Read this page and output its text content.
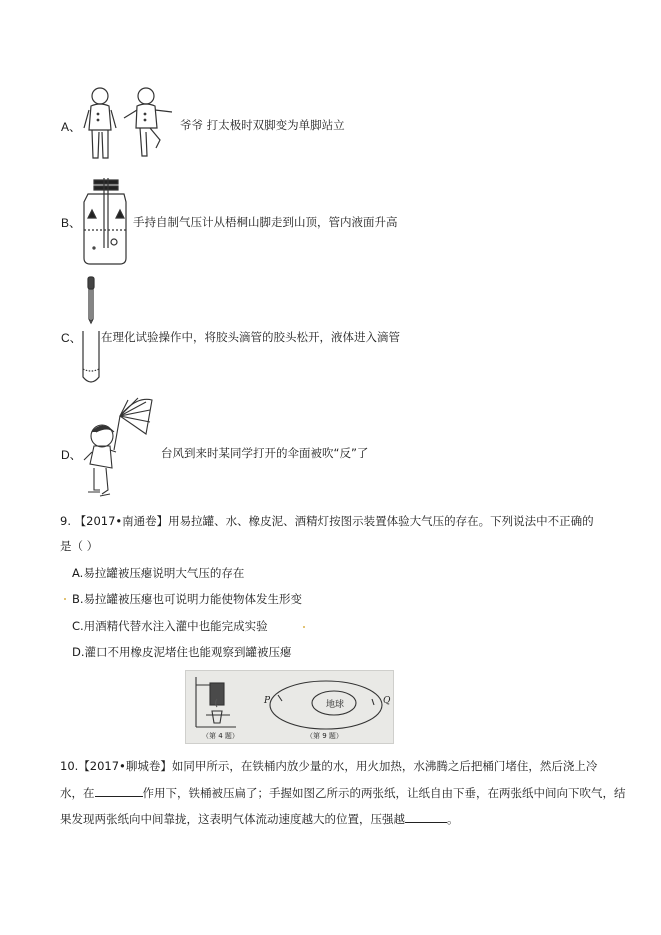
A、	爷爷 打太极时双脚变为单脚站立
B、	手持自制气压计从梧桐山脚走到山顶，管内液面升高
C、 在理化试验操作中，将胶头滴管的胶头松开，液体进入滴管
D、	台风到来时某同学打开的伞面被吹“反”了
9. 【2017•南通卷】用易拉罐、水、橡皮泥、酒精灯按图示装置体验大气压的存在。下列说法中不正确的
是（ ）
A.易拉罐被压瘪说明大气压的存在
B.易拉罐被压瘪也可说明力能使物体发生形变
C.用酒精代替水注入灌中也能完成实验
D.灌口不用橡皮泥堵住也能观察到罐被压瘪
地球
P	Q
（第 4 题）	（第 9 题）
10.【2017•聊城卷】如同甲所示，在铁桶内放少量的水，用火加热，水沸腾之后把桶门堵住，然后浇上冷
水，在	作用下，铁桶被压扁了；手握如图乙所示的两张纸，让纸自由下垂，在两张纸中间向下吹气，结
果发现两张纸向中间靠拢，这表明气体流动速度越大的位置，压强越	。
